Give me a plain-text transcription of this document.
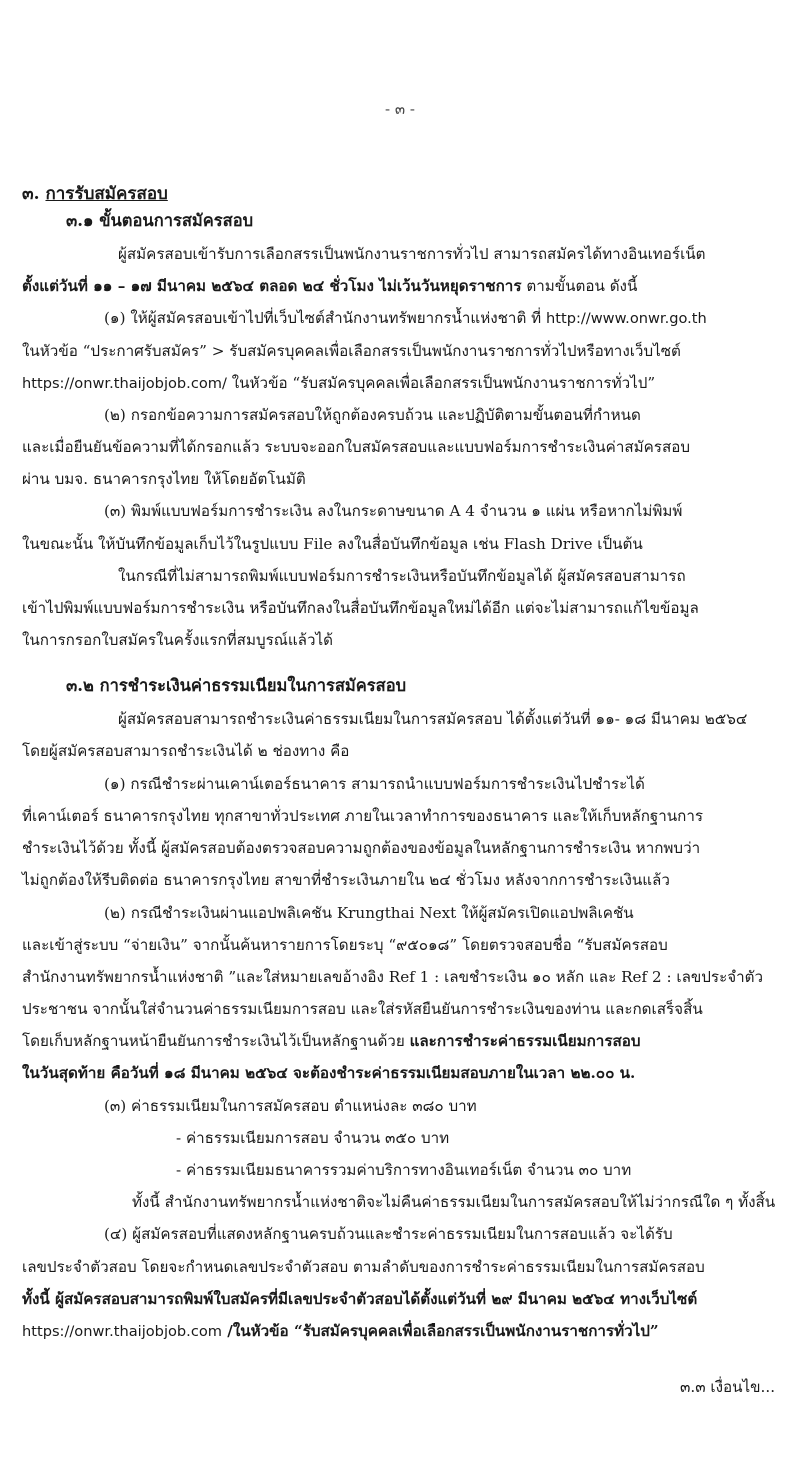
- ๓ -
๓. การรับสมัครสอบ
๓.๑ ขั้นตอนการสมัครสอบ
ผู้สมัครสอบเข้ารับการเลือกสรรเป็นพนักงานราชการทั่วไป สามารถสมัครได้ทางอินเทอร์เน็ต
ตั้งแต่วันที่ ๑๑ – ๑๗ มีนาคม ๒๕๖๔ ตลอด ๒๔ ชั่วโมง ไม่เว้นวันหยุดราชการ ตามขั้นตอน ดังนี้
(๑) ให้ผู้สมัครสอบเข้าไปที่เว็บไซต์สำนักงานทรัพยากรน้ำแห่งชาติ ที่ http://www.onwr.go.th
ในหัวข้อ “ประกาศรับสมัคร” > รับสมัครบุคคลเพื่อเลือกสรรเป็นพนักงานราชการทั่วไปหรือทางเว็บไซต์
https://onwr.thaijobjob.com/ ในหัวข้อ “รับสมัครบุคคลเพื่อเลือกสรรเป็นพนักงานราชการทั่วไป”
(๒) กรอกข้อความการสมัครสอบให้ถูกต้องครบถ้วน และปฏิบัติตามขั้นตอนที่กำหนด
และเมื่อยืนยันข้อความที่ได้กรอกแล้ว ระบบจะออกใบสมัครสอบและแบบฟอร์มการชำระเงินค่าสมัครสอบ
ผ่าน บมจ. ธนาคารกรุงไทย ให้โดยอัตโนมัติ
(๓) พิมพ์แบบฟอร์มการชำระเงิน ลงในกระดาษขนาด A 4 จำนวน ๑ แผ่น หรือหากไม่พิมพ์
ในขณะนั้น ให้บันทึกข้อมูลเก็บไว้ในรูปแบบ File ลงในสื่อบันทึกข้อมูล เช่น Flash Drive เป็นต้น
ในกรณีที่ไม่สามารถพิมพ์แบบฟอร์มการชำระเงินหรือบันทึกข้อมูลได้ ผู้สมัครสอบสามารถ
เข้าไปพิมพ์แบบฟอร์มการชำระเงิน หรือบันทึกลงในสื่อบันทึกข้อมูลใหม่ได้อีก แต่จะไม่สามารถแก้ไขข้อมูล
ในการกรอกใบสมัครในครั้งแรกที่สมบูรณ์แล้วได้
๓.๒ การชำระเงินค่าธรรมเนียมในการสมัครสอบ
ผู้สมัครสอบสามารถชำระเงินค่าธรรมเนียมในการสมัครสอบ ได้ตั้งแต่วันที่ ๑๑- ๑๘ มีนาคม ๒๕๖๔
โดยผู้สมัครสอบสามารถชำระเงินได้ ๒ ช่องทาง คือ
(๑) กรณีชำระผ่านเคาน์เตอร์ธนาคาร สามารถนำแบบฟอร์มการชำระเงินไปชำระได้
ที่เคาน์เตอร์ ธนาคารกรุงไทย ทุกสาขาทั่วประเทศ ภายในเวลาทำการของธนาคาร และให้เก็บหลักฐานการ
ชำระเงินไว้ด้วย ทั้งนี้ ผู้สมัครสอบต้องตรวจสอบความถูกต้องของข้อมูลในหลักฐานการชำระเงิน หากพบว่า
ไม่ถูกต้องให้รีบติดต่อ ธนาคารกรุงไทย สาขาที่ชำระเงินภายใน ๒๔ ชั่วโมง หลังจากการชำระเงินแล้ว
(๒) กรณีชำระเงินผ่านแอปพลิเคชัน Krungthai Next ให้ผู้สมัครเปิดแอปพลิเคชัน
และเข้าสู่ระบบ “จ่ายเงิน” จากนั้นค้นหารายการโดยระบุ “๙๕๐๑๘” โดยตรวจสอบชื่อ “รับสมัครสอบ
สำนักงานทรัพยากรน้ำแห่งชาติ ”และใส่หมายเลขอ้างอิง Ref 1 : เลขชำระเงิน ๑๐ หลัก และ Ref 2 : เลขประจำตัว
ประชาชน จากนั้นใส่จำนวนค่าธรรมเนียมการสอบ และใส่รหัสยืนยันการชำระเงินของท่าน และกดเสร็จสิ้น
โดยเก็บหลักฐานหน้ายืนยันการชำระเงินไว้เป็นหลักฐานด้วย และการชำระค่าธรรมเนียมการสอบ
ในวันสุดท้าย คือวันที่ ๑๘ มีนาคม ๒๕๖๔ จะต้องชำระค่าธรรมเนียมสอบภายในเวลา ๒๒.๐๐ น.
(๓) ค่าธรรมเนียมในการสมัครสอบ ตำแหน่งละ ๓๘๐ บาท
- ค่าธรรมเนียมการสอบ จำนวน ๓๕๐ บาท
- ค่าธรรมเนียมธนาคารรวมค่าบริการทางอินเทอร์เน็ต จำนวน ๓๐ บาท
ทั้งนี้ สำนักงานทรัพยากรน้ำแห่งชาติจะไม่คืนค่าธรรมเนียมในการสมัครสอบให้ไม่ว่ากรณีใด ๆ ทั้งสิ้น
(๔) ผู้สมัครสอบที่แสดงหลักฐานครบถ้วนและชำระค่าธรรมเนียมในการสอบแล้ว จะได้รับ
เลขประจำตัวสอบ โดยจะกำหนดเลขประจำตัวสอบ ตามลำดับของการชำระค่าธรรมเนียมในการสมัครสอบ
ทั้งนี้ ผู้สมัครสอบสามารถพิมพ์ใบสมัครที่มีเลขประจำตัวสอบได้ตั้งแต่วันที่ ๒๙ มีนาคม ๒๕๖๔ ทางเว็บไซต์
https://onwr.thaijobjob.com /ในหัวข้อ “รับสมัครบุคคลเพื่อเลือกสรรเป็นพนักงานราชการทั่วไป”
๓.๓ เงื่อนไข...
